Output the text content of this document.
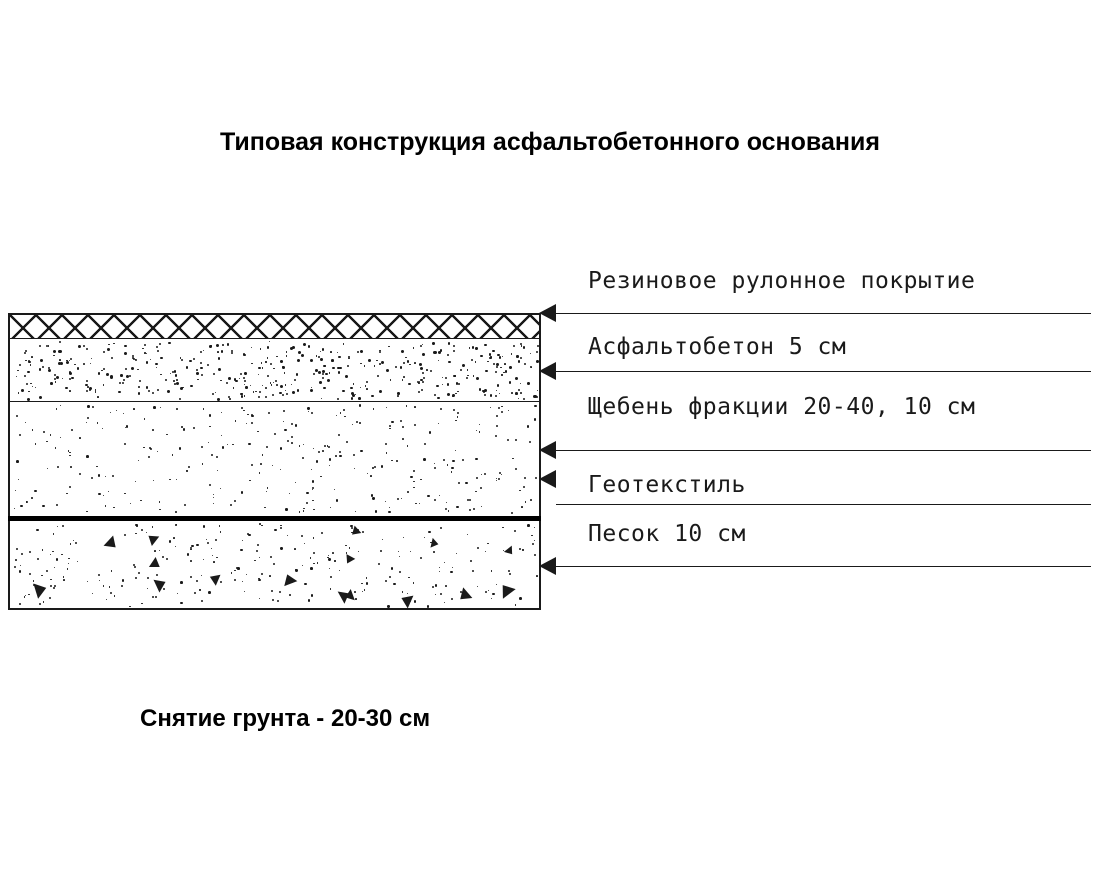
Типовая конструкция асфальтобетонного основания
Резиновое рулонное покрытие
Асфальтобетон 5 см
Щебень фракции 20-40, 10 см
Геотекстиль
Песок 10 см
Снятие грунта - 20-30 см
